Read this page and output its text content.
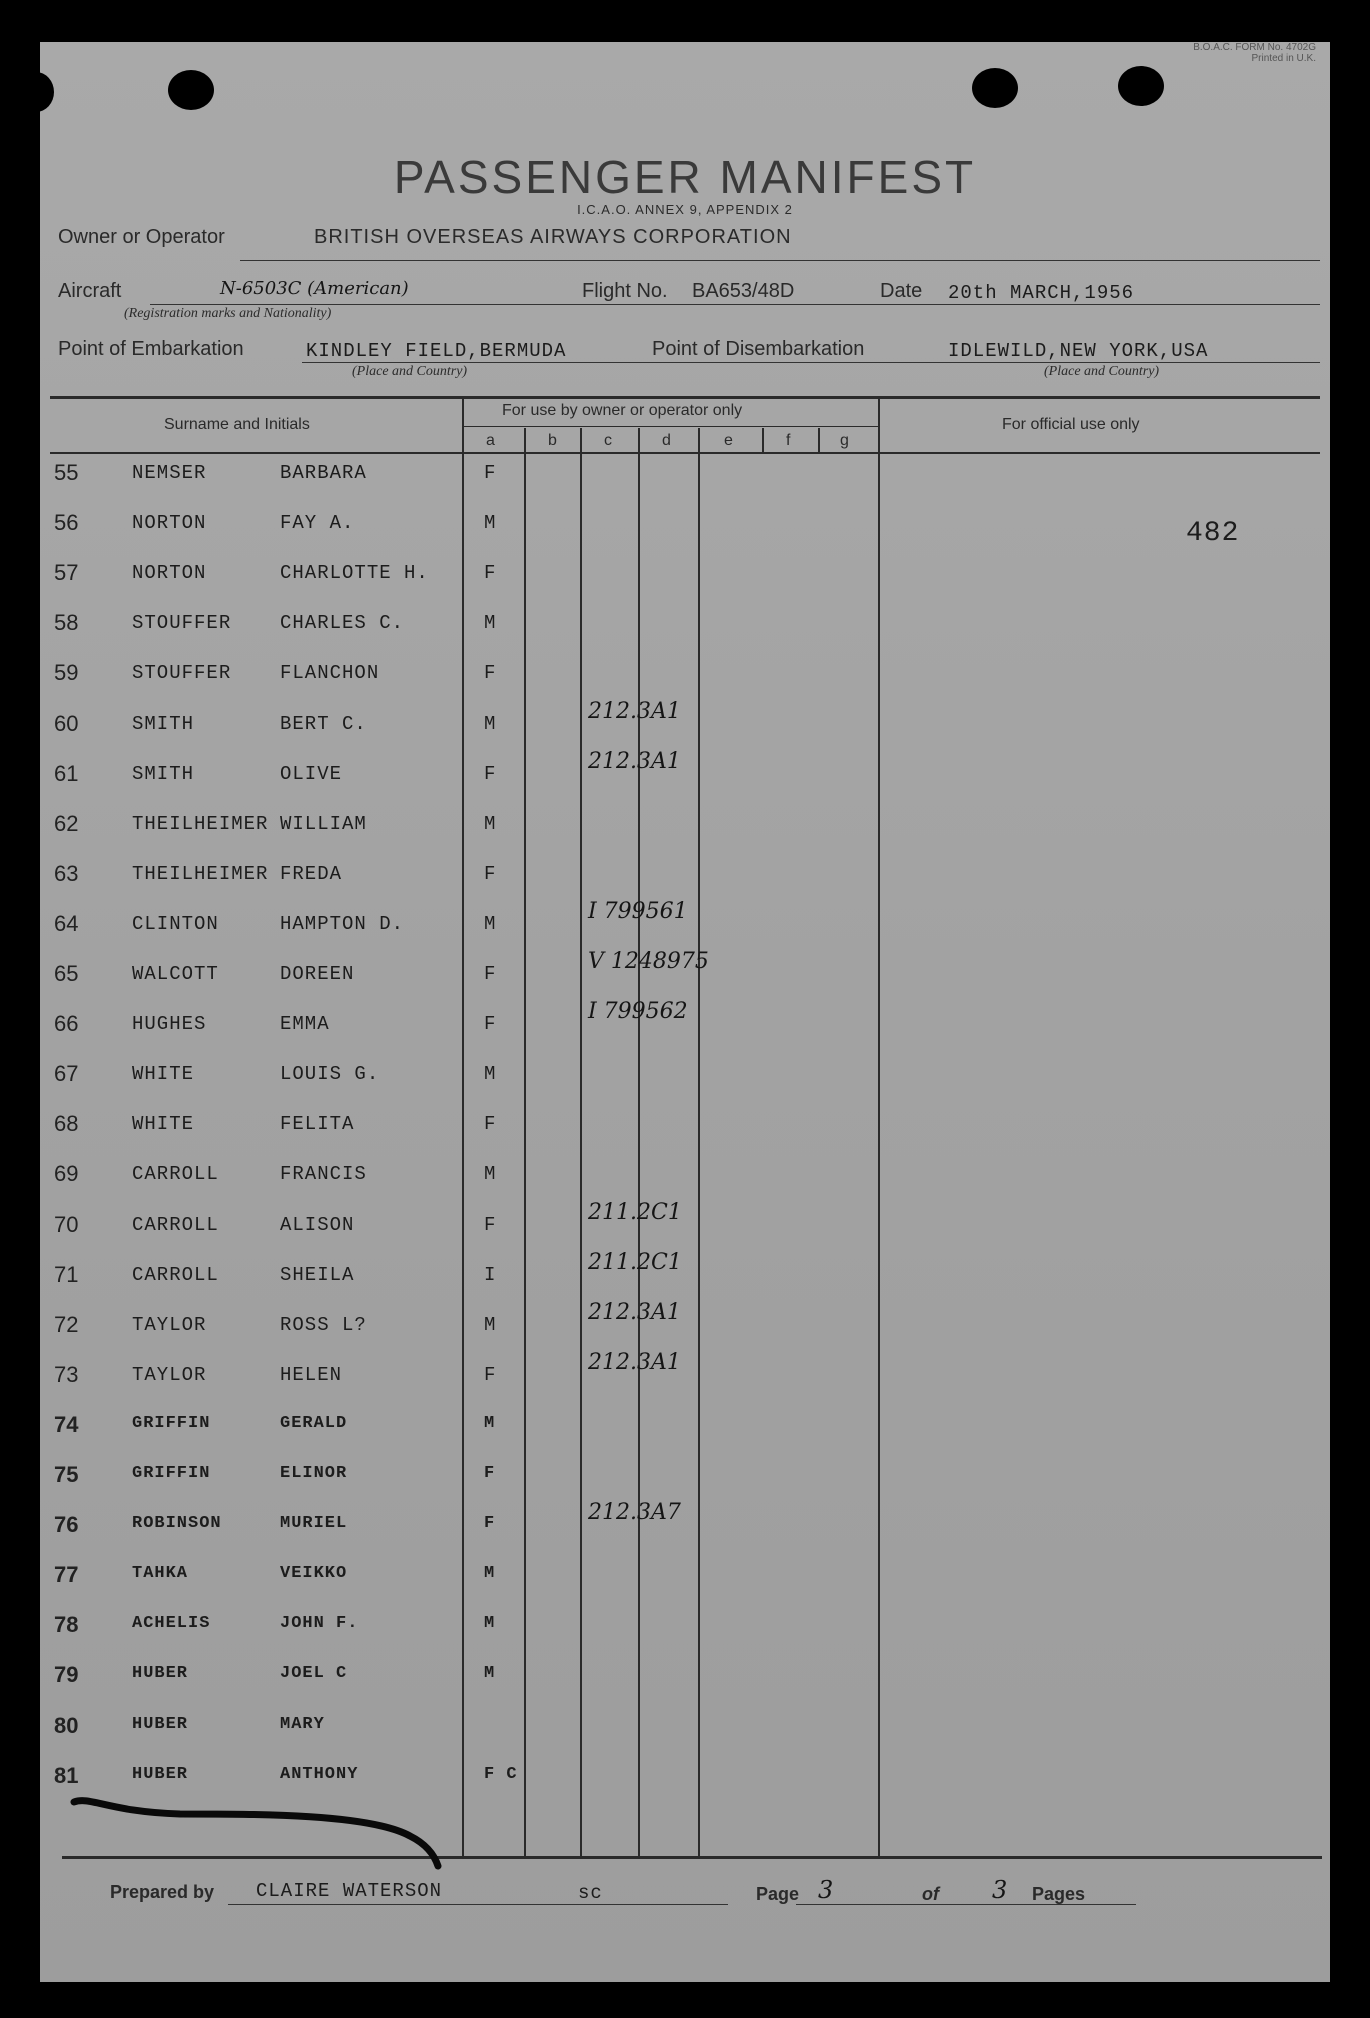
B.O.A.C. FORM No. 4702G
Printed in U.K.
PASSENGER MANIFEST
I.C.A.O. ANNEX 9, APPENDIX 2
Owner or Operator	BRITISH OVERSEAS AIRWAYS CORPORATION
Aircraft	N-6503C (American)	Flight No. BA653/48D	Date 20th MARCH,1956
(Registration marks and Nationality)
Point of Embarkation	KINDLEY FIELD,BERMUDA	Point of Disembarkation	IDLEWILD,NEW YORK,USA
(Place and Country)	(Place and Country)
Surname and Initials
For use by owner or operator only
For official use only
a	b	c	d	e	f	g
482
55	NEMSER	BARBARA	F
56	NORTON	FAY A.	M
57	NORTON	CHARLOTTE H.	F
58	STOUFFER	CHARLES C.	M
59	STOUFFER	FLANCHON	F
60	SMITH	BERT C.	M	212.3A1
61	SMITH	OLIVE	F	212.3A1
62	THEILHEIMER WILLIAM	M
63	THEILHEIMER FREDA	F
64	CLINTON	HAMPTON D.	M	I 799561
65	WALCOTT	DOREEN	F	V 1248975
66	HUGHES	EMMA	F	I 799562
67	WHITE	LOUIS G.	M
68	WHITE	FELITA	F
69	CARROLL	FRANCIS	M
70	CARROLL	ALISON	F	211.2C1
71	CARROLL	SHEILA	I	211.2C1
72	TAYLOR	ROSS L?	M	212.3A1
73	TAYLOR	HELEN	F	212.3A1
74	GRIFFIN	GERALD	M
75	GRIFFIN	ELINOR	F
76	ROBINSON	MURIEL	F	212.3A7
77	TAHKA	VEIKKO	M
78	ACHELIS	JOHN F.	M
79	HUBER	JOEL C	M
80	HUBER	MARY
81	HUBER	ANTHONY	F C
Prepared by CLAIRE WATERSON	sc	Page 3	of 3 Pages
